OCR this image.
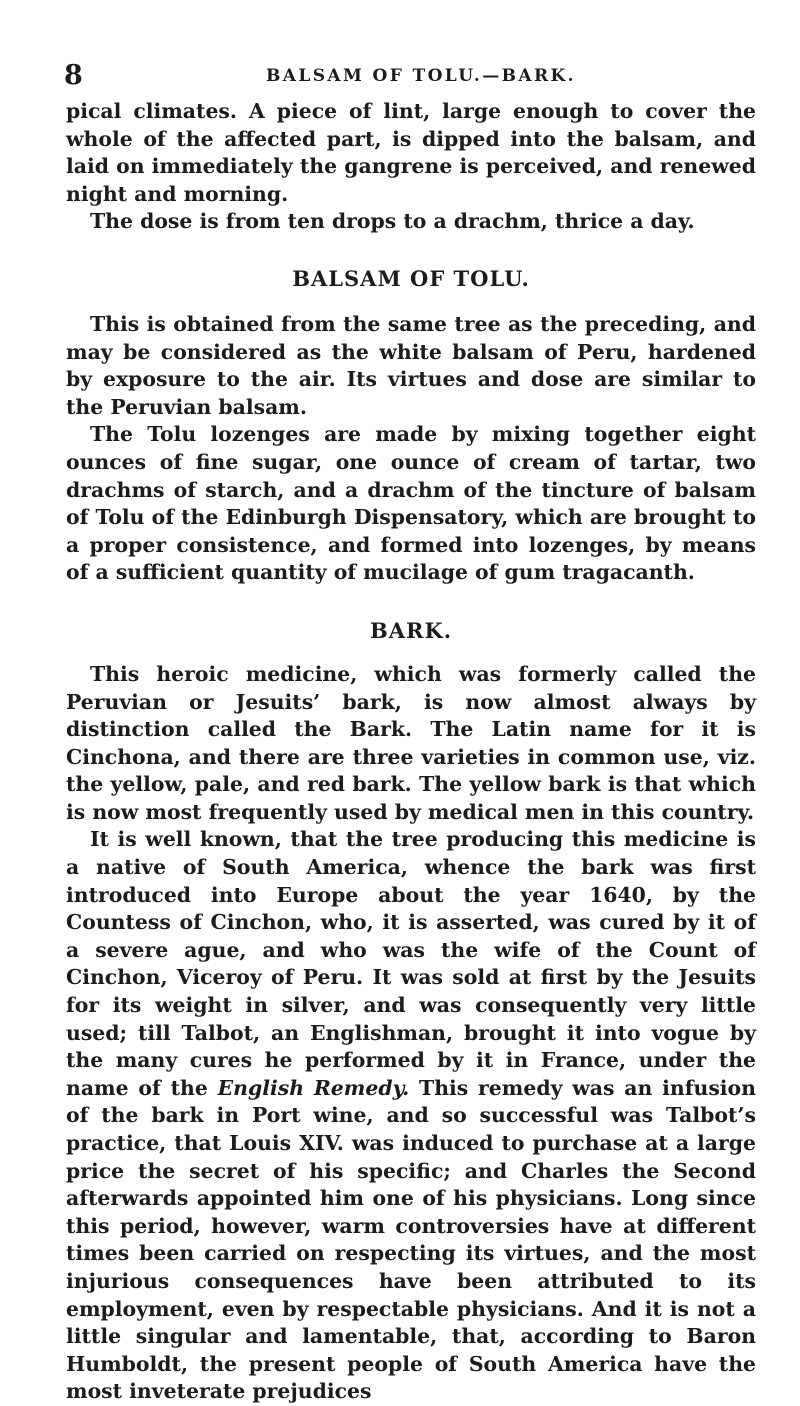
8	BALSAM OF TOLU.—BARK.

pical climates. A piece of lint, large enough to cover the whole of the affected part, is dipped into the balsam, and laid on immediately the gangrene is perceived, and renewed night and morning.

The dose is from ten drops to a drachm, thrice a day.

BALSAM OF TOLU.

This is obtained from the same tree as the preceding, and may be considered as the white balsam of Peru, hardened by exposure to the air. Its virtues and dose are similar to the Peruvian balsam.

The Tolu lozenges are made by mixing together eight ounces of fine sugar, one ounce of cream of tartar, two drachms of starch, and a drachm of the tincture of balsam of Tolu of the Edinburgh Dispensatory, which are brought to a proper consistence, and formed into lozenges, by means of a sufficient quantity of mucilage of gum tragacanth.

BARK.

This heroic medicine, which was formerly called the Peruvian or Jesuits’ bark, is now almost always by distinction called the Bark. The Latin name for it is Cinchona, and there are three varieties in common use, viz. the yellow, pale, and red bark. The yellow bark is that which is now most frequently used by medical men in this country.

It is well known, that the tree producing this medicine is a native of South America, whence the bark was first introduced into Europe about the year 1640, by the Countess of Cinchon, who, it is asserted, was cured by it of a severe ague, and who was the wife of the Count of Cinchon, Viceroy of Peru. It was sold at first by the Jesuits for its weight in silver, and was consequently very little used; till Talbot, an Englishman, brought it into vogue by the many cures he performed by it in France, under the name of the English Remedy. This remedy was an infusion of the bark in Port wine, and so successful was Talbot’s practice, that Louis XIV. was induced to purchase at a large price the secret of his specific; and Charles the Second afterwards appointed him one of his physicians. Long since this period, however, warm controversies have at different times been carried on respecting its virtues, and the most injurious consequences have been attributed to its employment, even by respectable physicians. And it is not a little singular and lamentable, that, according to Baron Humboldt, the present people of South America have the most inveterate prejudices
